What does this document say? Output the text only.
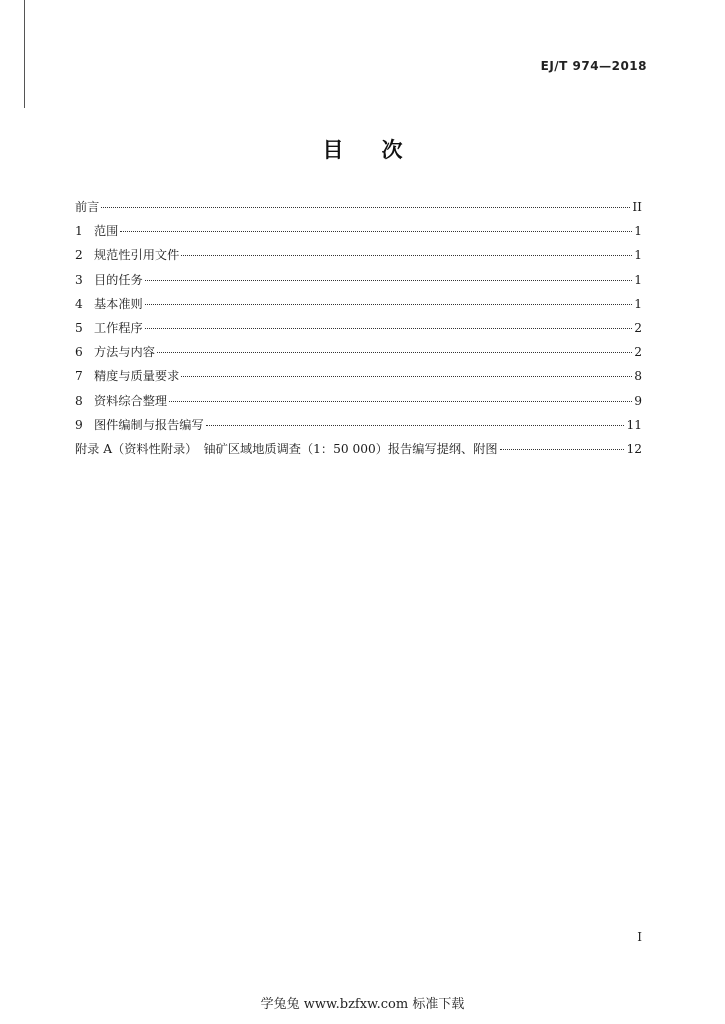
EJ/T 974—2018
目 次
前言	II
1 范围	1
2 规范性引用文件	1
3 目的任务	1
4 基本准则	1
5 工作程序	2
6 方法与内容	2
7 精度与质量要求	8
8 资料综合整理	9
9 图件编制与报告编写	11
附录 A（资料性附录）　铀矿区域地质调查（1：50 000）报告编写提纲、附图	12
I
学兔兔 www.bzfxw.com 标准下载
